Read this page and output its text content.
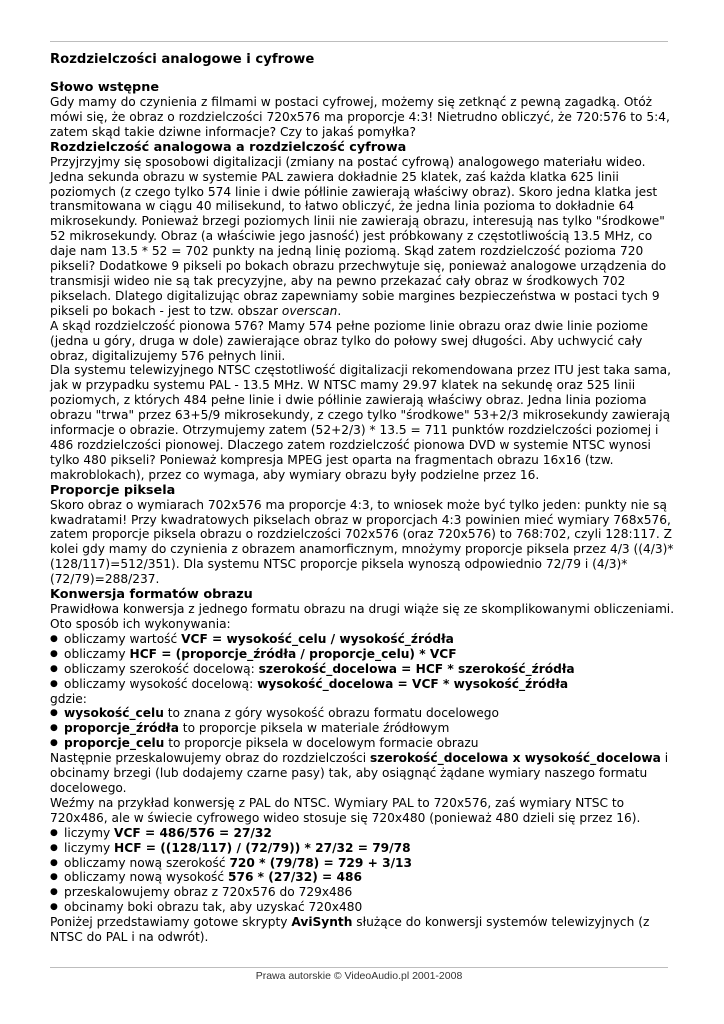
Rozdzielczości analogowe i cyfrowe
Słowo wstępne

Gdy mamy do czynienia z filmami w postaci cyfrowej, możemy się zetknąć z pewną zagadką. Otóż mówi się, że obraz o rozdzielczości 720x576 ma proporcje 4:3! Nietrudno obliczyć, że 720:576 to 5:4, zatem skąd takie dziwne informacje? Czy to jakaś pomyłka?

Rozdzielczość analogowa a rozdzielczość cyfrowa

Przyjrzyjmy się sposobowi digitalizacji (zmiany na postać cyfrową) analogowego materiału wideo.

Jedna sekunda obrazu w systemie PAL zawiera dokładnie 25 klatek, zaś każda klatka 625 linii poziomych (z czego tylko 574 linie i dwie półlinie zawierają właściwy obraz). Skoro jedna klatka jest transmitowana w ciągu 40 milisekund, to łatwo obliczyć, że jedna linia pozioma to dokładnie 64 mikrosekundy. Ponieważ brzegi poziomych linii nie zawierają obrazu, interesują nas tylko "środkowe" 52 mikrosekundy. Obraz (a właściwie jego jasność) jest próbkowany z częstotliwością 13.5 MHz, co daje nam 13.5 * 52 = 702 punkty na jedną linię poziomą. Skąd zatem rozdzielczość pozioma 720 pikseli? Dodatkowe 9 pikseli po bokach obrazu przechwytuje się, ponieważ analogowe urządzenia do transmisji wideo nie są tak precyzyjne, aby na pewno przekazać cały obraz w środkowych 702 pikselach. Dlatego digitalizując obraz zapewniamy sobie margines bezpieczeństwa w postaci tych 9 pikseli po bokach - jest to tzw. obszar overscan.

A skąd rozdzielczość pionowa 576? Mamy 574 pełne poziome linie obrazu oraz dwie linie poziome (jedna u góry, druga w dole) zawierające obraz tylko do połowy swej długości. Aby uchwycić cały obraz, digitalizujemy 576 pełnych linii.

Dla systemu telewizyjnego NTSC częstotliwość digitalizacji rekomendowana przez ITU jest taka sama, jak w przypadku systemu PAL - 13.5 MHz. W NTSC mamy 29.97 klatek na sekundę oraz 525 linii poziomych, z których 484 pełne linie i dwie półlinie zawierają właściwy obraz. Jedna linia pozioma obrazu "trwa" przez 63+5/9 mikrosekundy, z czego tylko "środkowe" 53+2/3 mikrosekundy zawierają informacje o obrazie. Otrzymujemy zatem (52+2/3) * 13.5 = 711 punktów rozdzielczości poziomej i 486 rozdzielczości pionowej. Dlaczego zatem rozdzielczość pionowa DVD w systemie NTSC wynosi tylko 480 pikseli? Ponieważ kompresja MPEG jest oparta na fragmentach obrazu 16x16 (tzw. makroblokach), przez co wymaga, aby wymiary obrazu były podzielne przez 16.

Proporcje piksela

Skoro obraz o wymiarach 702x576 ma proporcje 4:3, to wniosek może być tylko jeden: punkty nie są kwadratami! Przy kwadratowych pikselach obraz w proporcjach 4:3 powinien mieć wymiary 768x576, zatem proporcje piksela obrazu o rozdzielczości 702x576 (oraz 720x576) to 768:702, czyli 128:117. Z kolei gdy mamy do czynienia z obrazem anamorficznym, mnożymy proporcje piksela przez 4/3 ((4/3)*(128/117)=512/351). Dla systemu NTSC proporcje piksela wynoszą odpowiednio 72/79 i (4/3)*(72/79)=288/237.

Konwersja formatów obrazu

Prawidłowa konwersja z jednego formatu obrazu na drugi wiąże się ze skomplikowanymi obliczeniami. Oto sposób ich wykonywania:

● obliczamy wartość VCF = wysokość_celu / wysokość_źródła
● obliczamy HCF = (proporcje_źródła / proporcje_celu) * VCF
● obliczamy szerokość docelową: szerokość_docelowa = HCF * szerokość_źródła
● obliczamy wysokość docelową: wysokość_docelowa = VCF * wysokość_źródła

gdzie:

● wysokość_celu to znana z góry wysokość obrazu formatu docelowego
● proporcje_źródła to proporcje piksela w materiale źródłowym
● proporcje_celu to proporcje piksela w docelowym formacie obrazu

Następnie przeskalowujemy obraz do rozdzielczości szerokość_docelowa x wysokość_docelowa i obcinamy brzegi (lub dodajemy czarne pasy) tak, aby osiągnąć żądane wymiary naszego formatu docelowego.

Weźmy na przykład konwersję z PAL do NTSC. Wymiary PAL to 720x576, zaś wymiary NTSC to 720x486, ale w świecie cyfrowego wideo stosuje się 720x480 (ponieważ 480 dzieli się przez 16).

● liczymy VCF = 486/576 = 27/32
● liczymy HCF = ((128/117) / (72/79)) * 27/32 = 79/78
● obliczamy nową szerokość 720 * (79/78) = 729 + 3/13
● obliczamy nową wysokość 576 * (27/32) = 486
● przeskalowujemy obraz z 720x576 do 729x486
● obcinamy boki obrazu tak, aby uzyskać 720x480

Poniżej przedstawiamy gotowe skrypty AviSynth służące do konwersji systemów telewizyjnych (z NTSC do PAL i na odwrót).

Prawa autorskie © VideoAudio.pl 2001-2008
